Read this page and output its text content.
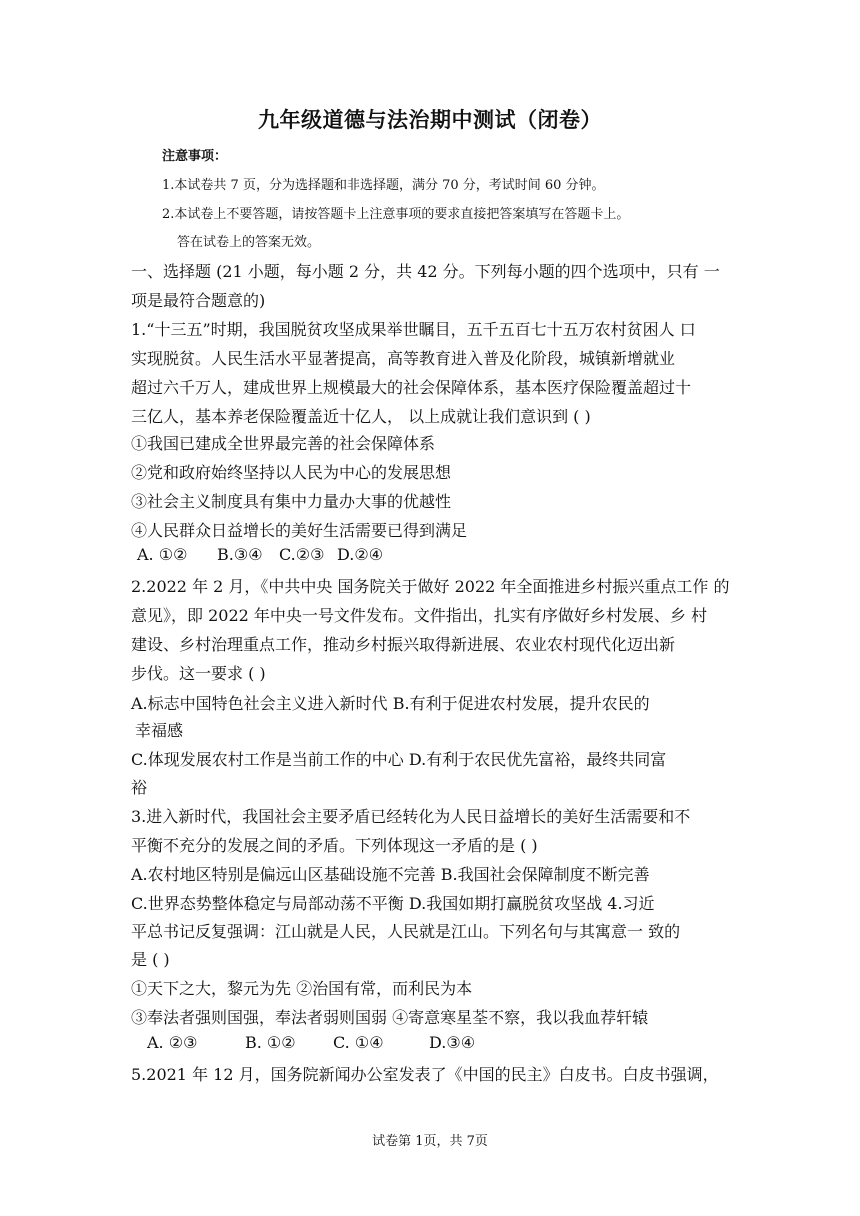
九年级道德与法治期中测试（闭卷）
注意事项：
1.本试卷共 7 页，分为选择题和非选择题，满分 70 分，考试时间 60 分钟。
2.本试卷上不要答题，请按答题卡上注意事项的要求直接把答案填写在答题卡上。
答在试卷上的答案无效。
一、选择题 (21 小题，每小题 2 分，共 42 分。下列每小题的四个选项中，只有 一
项是最符合题意的)
1.“十三五”时期，我国脱贫攻坚成果举世瞩目，五千五百七十五万农村贫困人 口
实现脱贫。人民生活水平显著提高，高等教育进入普及化阶段，城镇新增就业
超过六千万人，建成世界上规模最大的社会保障体系，基本医疗保险覆盖超过十
三亿人，基本养老保险覆盖近十亿人， 以上成就让我们意识到 ( )
①我国已建成全世界最完善的社会保障体系
②党和政府始终坚持以人民为中心的发展思想
③社会主义制度具有集中力量办大事的优越性
④人民群众日益增长的美好生活需要已得到满足
A. ①② B.③④ C.②③ D.②④
2.2022 年 2 月，《中共中央 国务院关于做好 2022 年全面推进乡村振兴重点工作 的
意见》，即 2022 年中央一号文件发布。文件指出，扎实有序做好乡村发展、乡 村
建设、乡村治理重点工作，推动乡村振兴取得新进展、农业农村现代化迈出新
步伐。这一要求 ( )
A.标志中国特色社会主义进入新时代 B.有利于促进农村发展，提升农民的
幸福感
C.体现发展农村工作是当前工作的中心 D.有利于农民优先富裕，最终共同富
裕
3.进入新时代，我国社会主要矛盾已经转化为人民日益增长的美好生活需要和不
平衡不充分的发展之间的矛盾。下列体现这一矛盾的是 ( )
A.农村地区特别是偏远山区基础设施不完善 B.我国社会保障制度不断完善
C.世界态势整体稳定与局部动荡不平衡 D.我国如期打赢脱贫攻坚战 4.习近
平总书记反复强调：江山就是人民，人民就是江山。下列名句与其寓意一 致的
是 ( )
①天下之大，黎元为先 ②治国有常，而利民为本
③奉法者强则国强，奉法者弱则国弱 ④寄意寒星荃不察，我以我血荐轩辕
A. ②③	B. ①② C. ①④	D.③④
5.2021 年 12 月，国务院新闻办公室发表了《中国的民主》白皮书。白皮书强调，
试卷第 1页，共 7页
